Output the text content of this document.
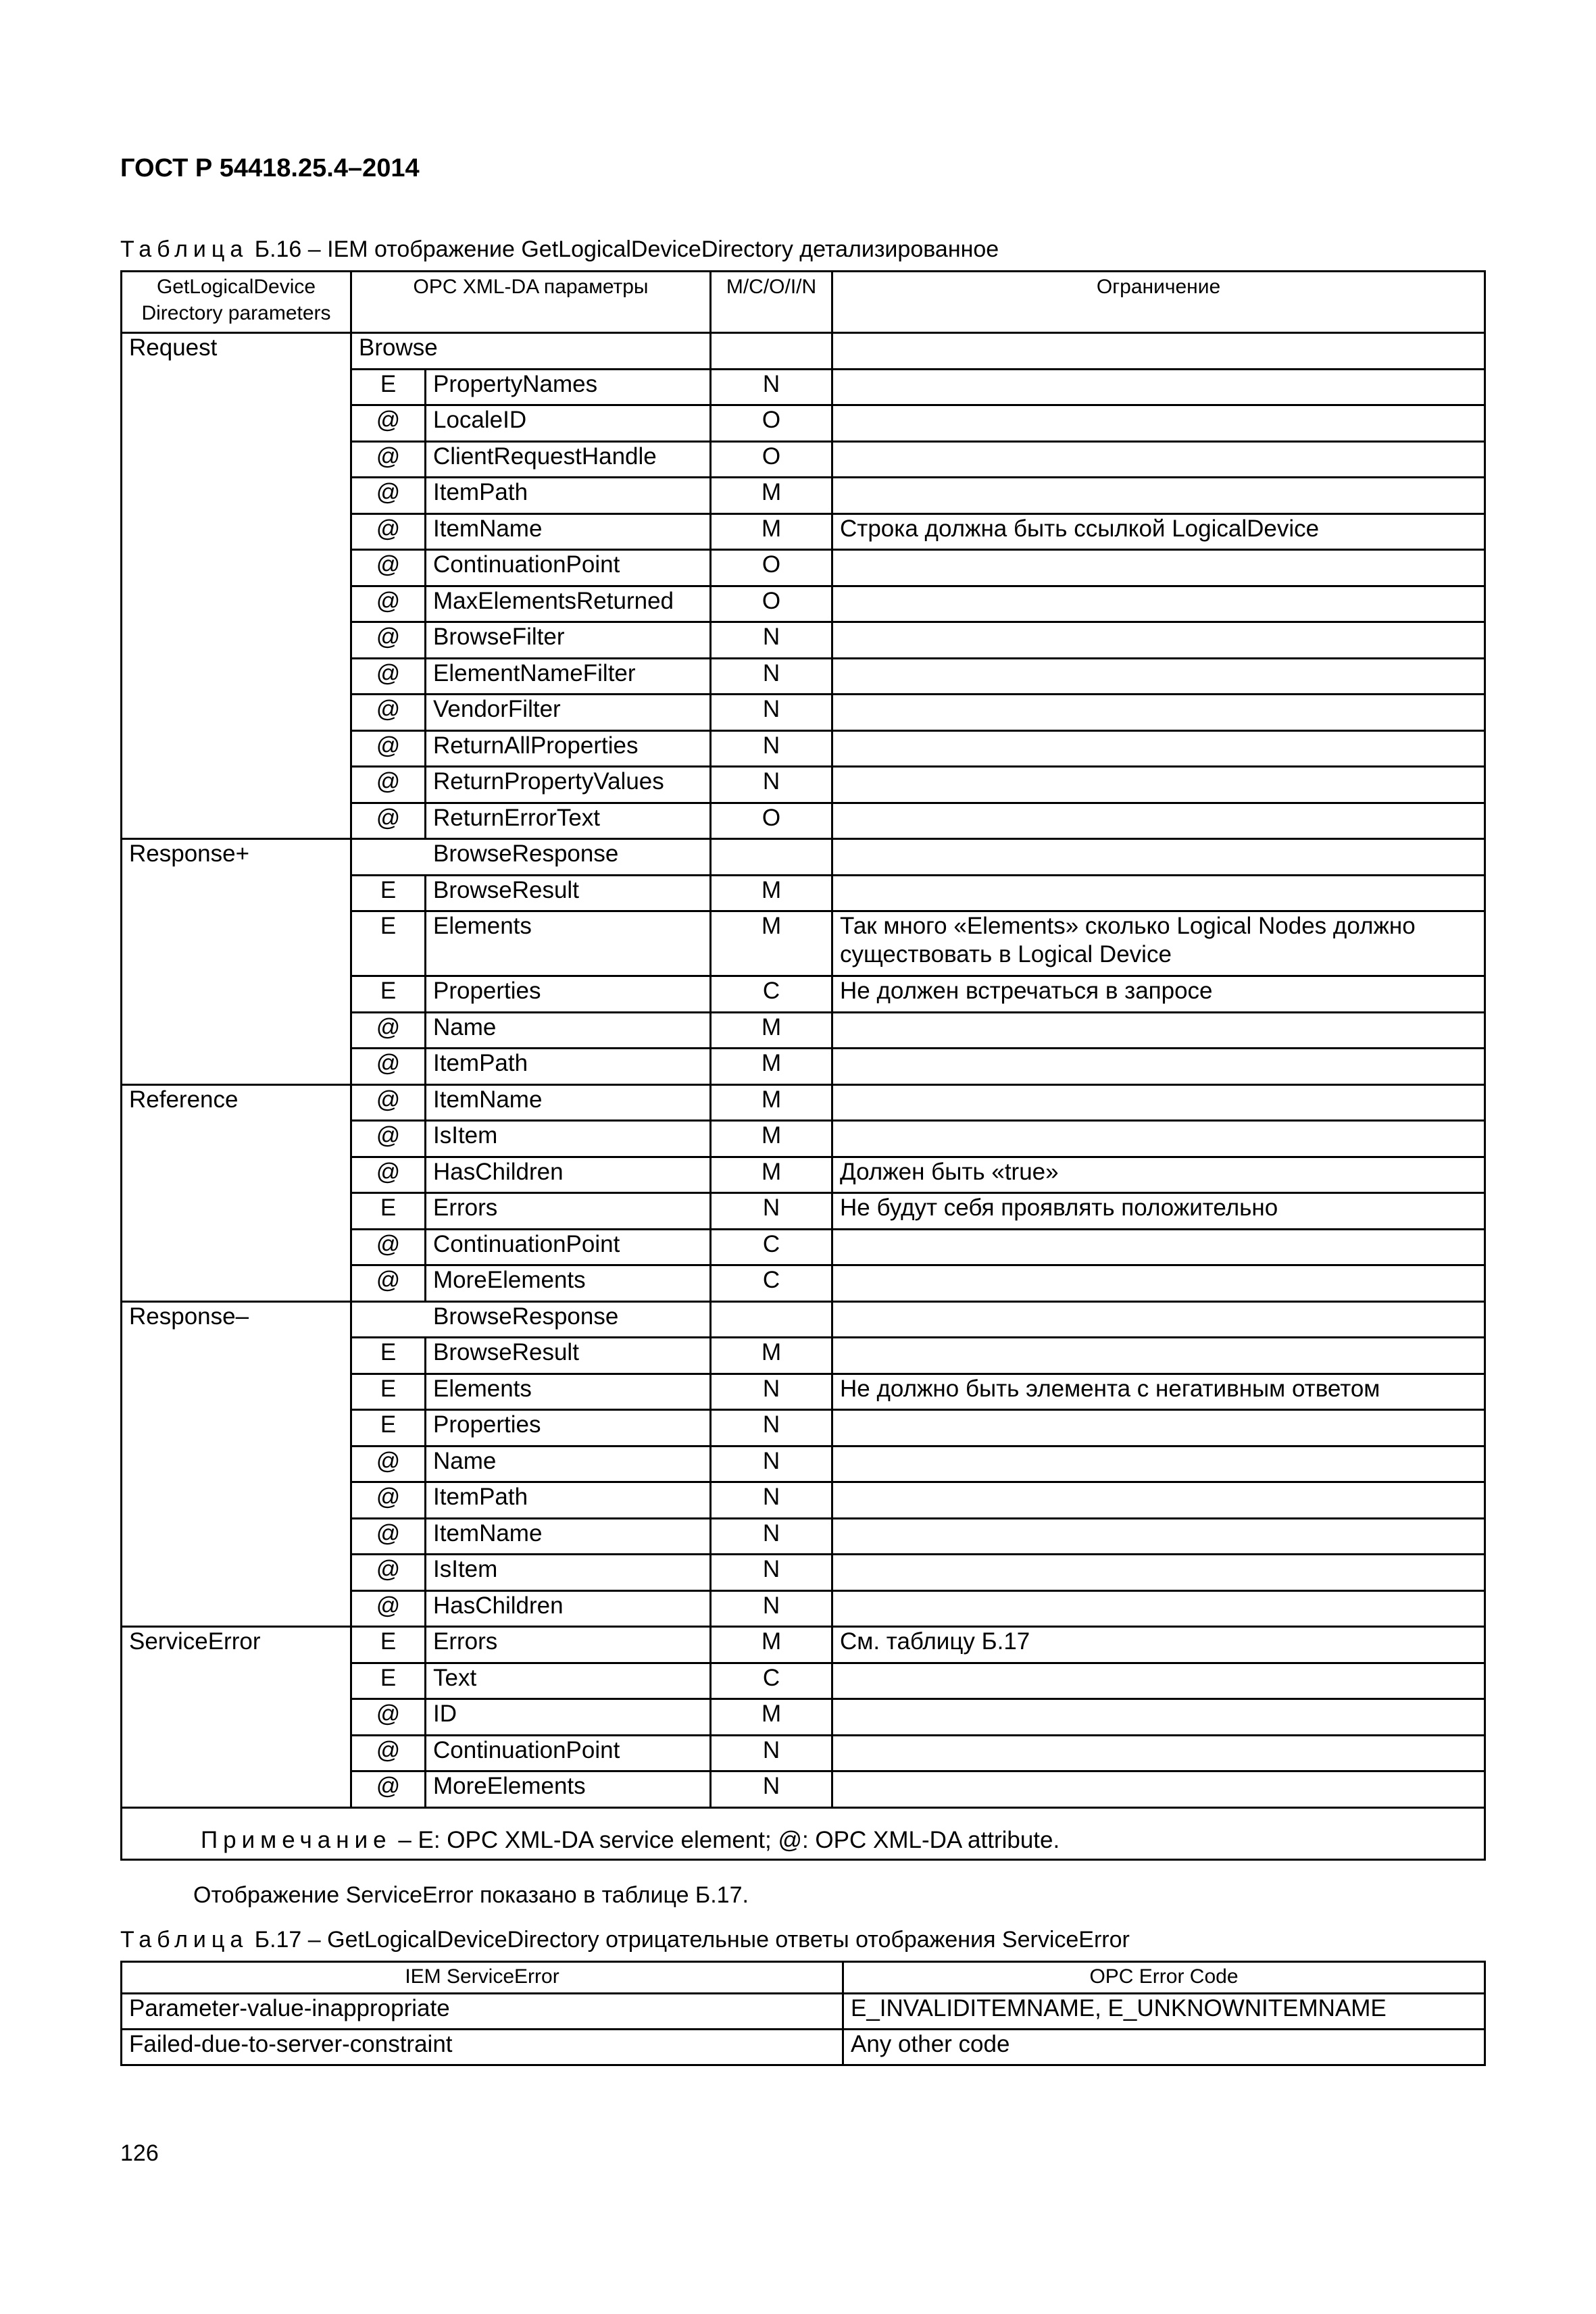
ГОСТ Р 54418.25.4–2014

Таблица Б.16 – IEM отображение GetLogicalDeviceDirectory детализированное

GetLogicalDevice Directory parameters	OPC XML-DA параметры		M/C/O/I/N	Ограничение
Request	Browse			
	E	PropertyNames	N	
	@	LocaleID	O	
	@	ClientRequestHandle	O	
	@	ItemPath	M	
	@	ItemName	M	Строка должна быть ссылкой LogicalDevice
	@	ContinuationPoint	O	
	@	MaxElementsReturned	O	
	@	BrowseFilter	N	
	@	ElementNameFilter	N	
	@	VendorFilter	N	
	@	ReturnAllProperties	N	
	@	ReturnPropertyValues	N	
	@	ReturnErrorText	O	
Response+	BrowseResponse			
	E	BrowseResult	M	
	E	Elements	M	Так много «Elements» сколько Logical Nodes должно существовать в Logical Device
	E	Properties	C	Не должен встречаться в запросе
	@	Name	M	
	@	ItemPath	M	
Reference	@	ItemName	M	
	@	IsItem	M	
	@	HasChildren	M	Должен быть «true»
	E	Errors	N	Не будут себя проявлять положительно
	@	ContinuationPoint	C	
	@	MoreElements	C	
Response–	BrowseResponse			
	E	BrowseResult	M	
	E	Elements	N	Не должно быть элемента с негативным ответом
	E	Properties	N	
	@	Name	N	
	@	ItemPath	N	
	@	ItemName	N	
	@	IsItem	N	
	@	HasChildren	N	
ServiceError	E	Errors	M	См. таблицу Б.17
	E	Text	C	
	@	ID	M	
	@	ContinuationPoint	N	
	@	MoreElements	N	
Примечание – E: OPC XML-DA service element; @: OPC XML-DA attribute.				

Отображение ServiceError показано в таблице Б.17.

Таблица Б.17 – GetLogicalDeviceDirectory отрицательные ответы отображения ServiceError

IEM ServiceError	OPC Error Code
Parameter-value-inappropriate	E_INVALIDITEMNAME, E_UNKNOWNITEMNAME
Failed-due-to-server-constraint	Any other code

126
